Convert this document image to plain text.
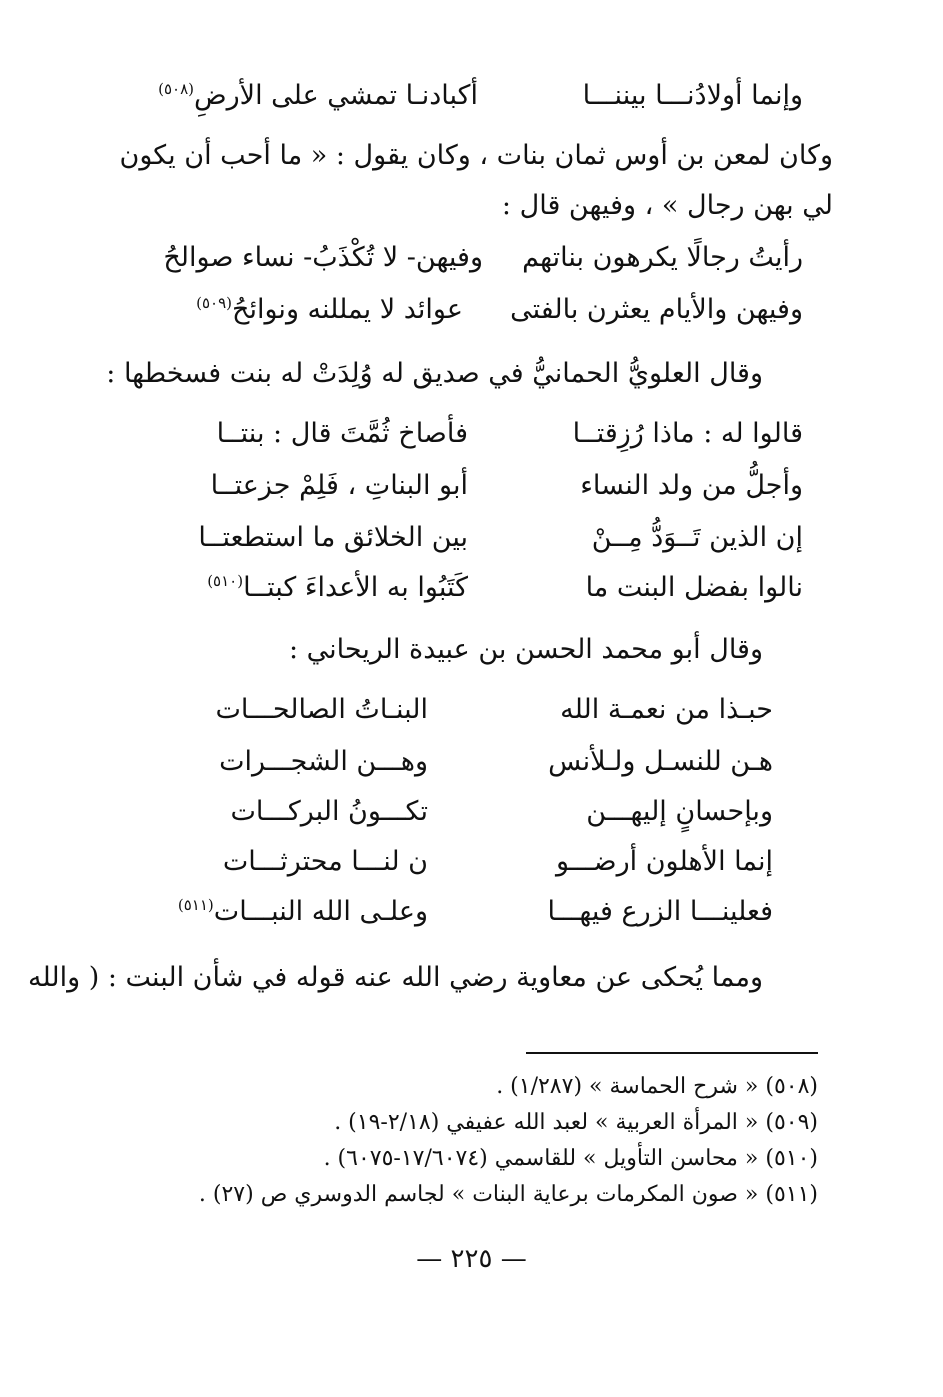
وإنما أولادُنـــا بيننـــا
أكبادنـا تمشي على الأرضِ$^{(٥٠٨)}$
وكان لمعن بن أوس ثمان بنات ، وكان يقول : « ما أحب أن يكون
لي بهن رجال » ، وفيهن قال :
رأيتُ رجالًا يكرهون بناتهم
وفيهن- لا تُكْذَبُ- نساء صوالحُ
وفيهن والأيام يعثرن بالفتى
عوائد لا يمللنه ونوائحُ$^{(٥٠٩)}$
وقال العلويُّ الحمانيُّ في صديق له وُلِدَتْ له بنت فسخطها :
قالوا له : ماذا رُزِقتــا
فأصاخ ثُمَّتَ قال : بنتــا
وأجلُّ من ولد النساء
أبو البناتِ ، فَلِمْ جزعتــا
إن الذين تَــوَدُّ مِــنْ
بين الخلائق ما استطعتــا
نالوا بفضل البنت ما
كَتَبُوا به الأعداءَ كبتــا$^{(٥١٠)}$
وقال أبو محمد الحسن بن عبيدة الريحاني :
حبـذا من نعمـة الله
البنـاتُ الصالحـــات
هـن للنسـل ولـلأنس
وهـــن الشجـــرات
وبإحسانٍ إليهـــن
تكـــونُ البركـــات
إنما الأهلون أرضـــو
ن لنـــا محترثـــات
فعلينـــا الزرع فيهـــا
وعلـى الله النبـــات$^{(٥١١)}$
ومما يُحكى عن معاوية رضي الله عنه قوله في شأن البنت : ( والله
(٥٠٨) « شرح الحماسة » (١/٢٨٧) .
(٥٠٩) « المرأة العربية » لعبد الله عفيفي (٢/١٨-١٩) .
(٥١٠) « محاسن التأويل » للقاسمي (١٧/٦٠٧٤-٦٠٧٥) .
(٥١١) « صون المكرمات برعاية البنات » لجاسم الدوسري ص (٢٧) .
— ٢٢٥ —
